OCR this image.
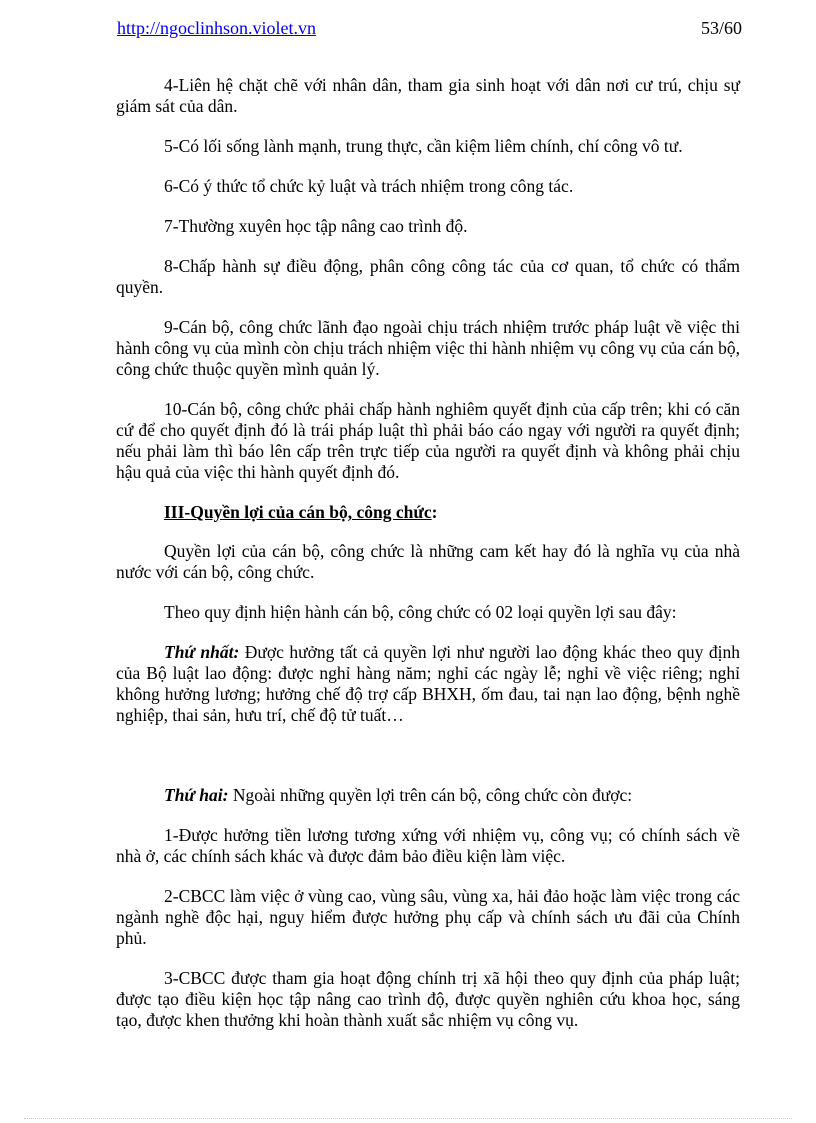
http://ngoclinhson.violet.vn	53/60

4-Liên hệ chặt chẽ với nhân dân, tham gia sinh hoạt với dân nơi cư trú, chịu sự giám sát của dân.

5-Có lối sống lành mạnh, trung thực, cần kiệm liêm chính, chí công vô tư.

6-Có ý thức tổ chức kỷ luật và trách nhiệm trong công tác.

7-Thường xuyên học tập nâng cao trình độ.

8-Chấp hành sự điều động, phân công công tác của cơ quan, tổ chức có thẩm quyền.

9-Cán bộ, công chức lãnh đạo ngoài chịu trách nhiệm trước pháp luật về việc thi hành công vụ của mình còn chịu trách nhiệm việc thi hành nhiệm vụ công vụ của cán bộ, công chức thuộc quyền mình quản lý.

10-Cán bộ, công chức phải chấp hành nghiêm quyết định của cấp trên; khi có căn cứ để cho quyết định đó là trái pháp luật thì phải báo cáo ngay với người ra quyết định; nếu phải làm thì báo lên cấp trên trực tiếp của người ra quyết định và không phải chịu hậu quả của việc thi hành quyết định đó.

III-Quyền lợi của cán bộ, công chức:

Quyền lợi của cán bộ, công chức là những cam kết hay đó là nghĩa vụ của nhà nước với cán bộ, công chức.

Theo quy định hiện hành cán bộ, công chức có 02 loại quyền lợi sau đây:

Thứ nhất: Được hưởng tất cả quyền lợi như người lao động khác theo quy định của Bộ luật lao động: được nghỉ hàng năm; nghỉ các ngày lễ; nghỉ về việc riêng; nghỉ không hưởng lương; hưởng chế độ trợ cấp BHXH, ốm đau, tai nạn lao động, bệnh nghề nghiệp, thai sản, hưu trí, chế độ tử tuất…

Thứ hai: Ngoài những quyền lợi trên cán bộ, công chức còn được:

1-Được hưởng tiền lương tương xứng với nhiệm vụ, công vụ; có chính sách về nhà ở, các chính sách khác và được đảm bảo điều kiện làm việc.

2-CBCC làm việc ở vùng cao, vùng sâu, vùng xa, hải đảo hoặc làm việc trong các ngành nghề độc hại, nguy hiểm được hưởng phụ cấp và chính sách ưu đãi của Chính phủ.

3-CBCC được tham gia hoạt động chính trị xã hội theo quy định của pháp luật; được tạo điều kiện học tập nâng cao trình độ, được quyền nghiên cứu khoa học, sáng tạo, được khen thưởng khi hoàn thành xuất sắc nhiệm vụ công vụ.
